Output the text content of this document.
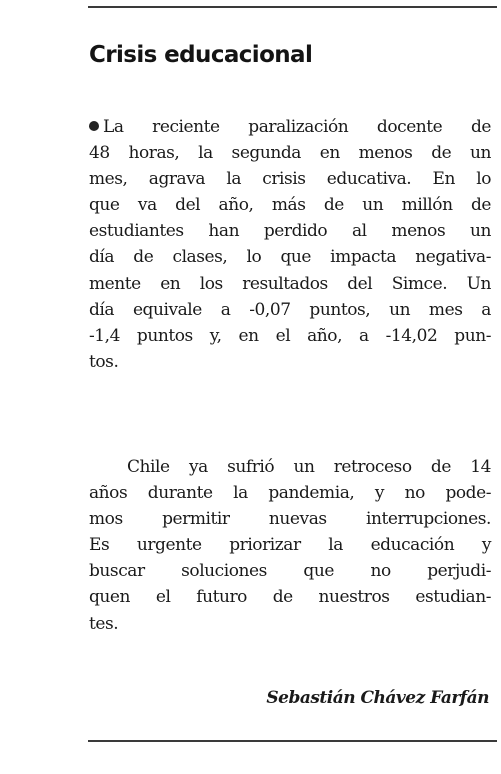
Crisis educacional
La reciente paralización docente de
48 horas, la segunda en menos de un
mes, agrava la crisis educativa. En lo
que va del año, más de un millón de
estudiantes han perdido al menos un
día de clases, lo que impacta negativa-
mente en los resultados del Simce. Un
día equivale a -0,07 puntos, un mes a
-1,4 puntos y, en el año, a -14,02 pun-
tos.
Chile ya sufrió un retroceso de 14
años durante la pandemia, y no pode-
mos permitir nuevas interrupciones.
Es urgente priorizar la educación y
buscar soluciones que no perjudi-
quen el futuro de nuestros estudian-
tes.

Sebastián Chávez Farfán
